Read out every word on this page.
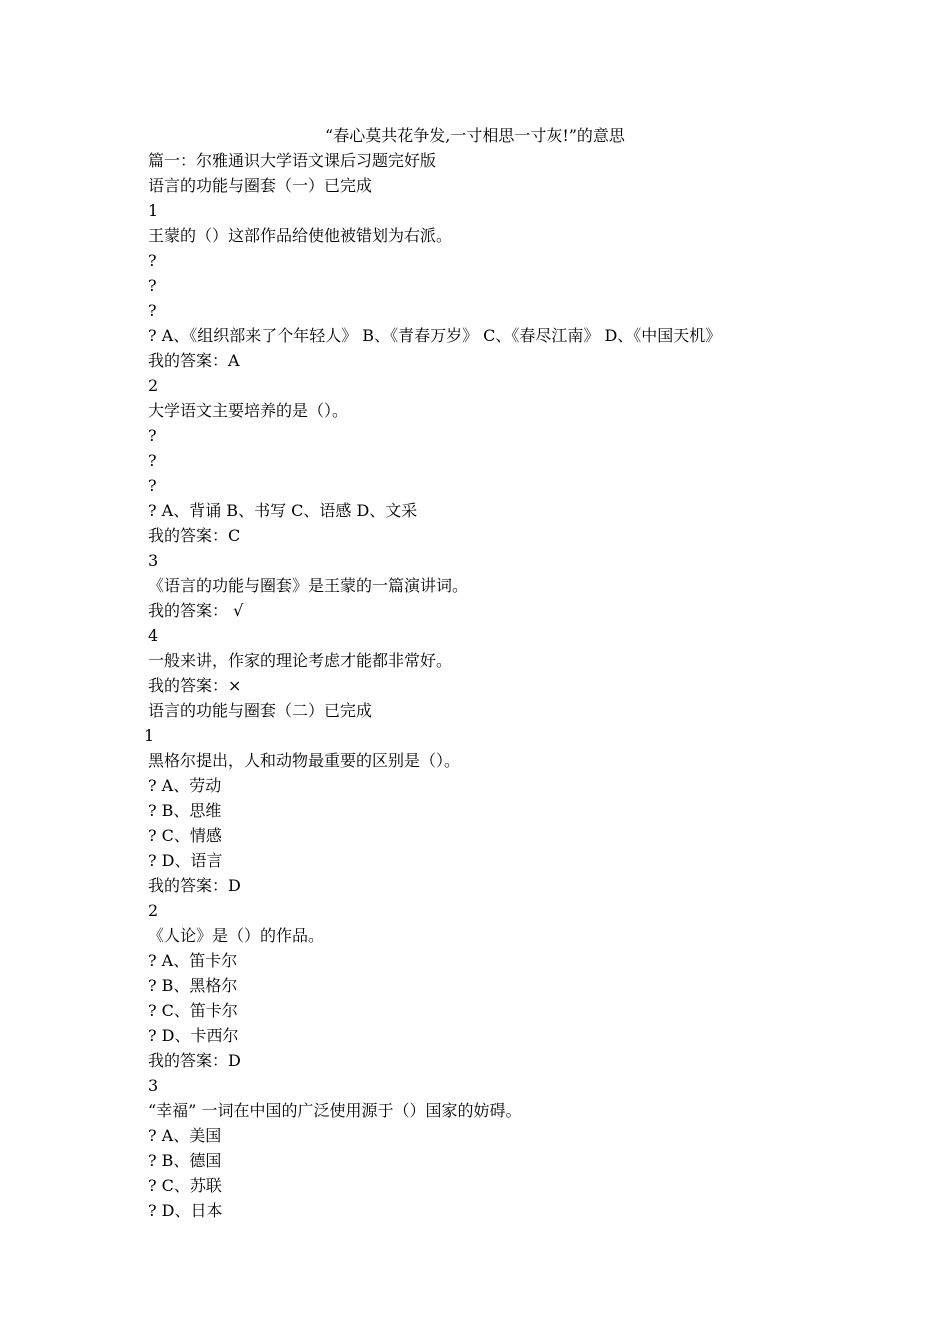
“春心莫共花争发,一寸相思一寸灰!”的意思
篇一：尔雅通识大学语文课后习题完好版
语言的功能与圈套（一）已完成
1
王蒙的（）这部作品给使他被错划为右派。
?
?
?
? A、《组织部来了个年轻人》 B、《青春万岁》 C、《春尽江南》 D、《中国天机》
我的答案：A
2
大学语文主要培养的是（）。
?
?
?
? A、背诵 B、书写 C、语感 D、文采
我的答案：C
3
《语言的功能与圈套》是王蒙的一篇演讲词。
我的答案： √
4
一般来讲，作家的理论考虑才能都非常好。
我的答案：×
语言的功能与圈套（二）已完成
1
黑格尔提出，人和动物最重要的区别是（）。
? A、劳动
? B、思维
? C、情感
? D、语言
我的答案：D
2
《人论》是（）的作品。
? A、笛卡尔
? B、黑格尔
? C、笛卡尔
? D、卡西尔
我的答案：D
3
“幸福” 一词在中国的广泛使用源于（）国家的妨碍。
? A、美国
? B、德国
? C、苏联
? D、日本
